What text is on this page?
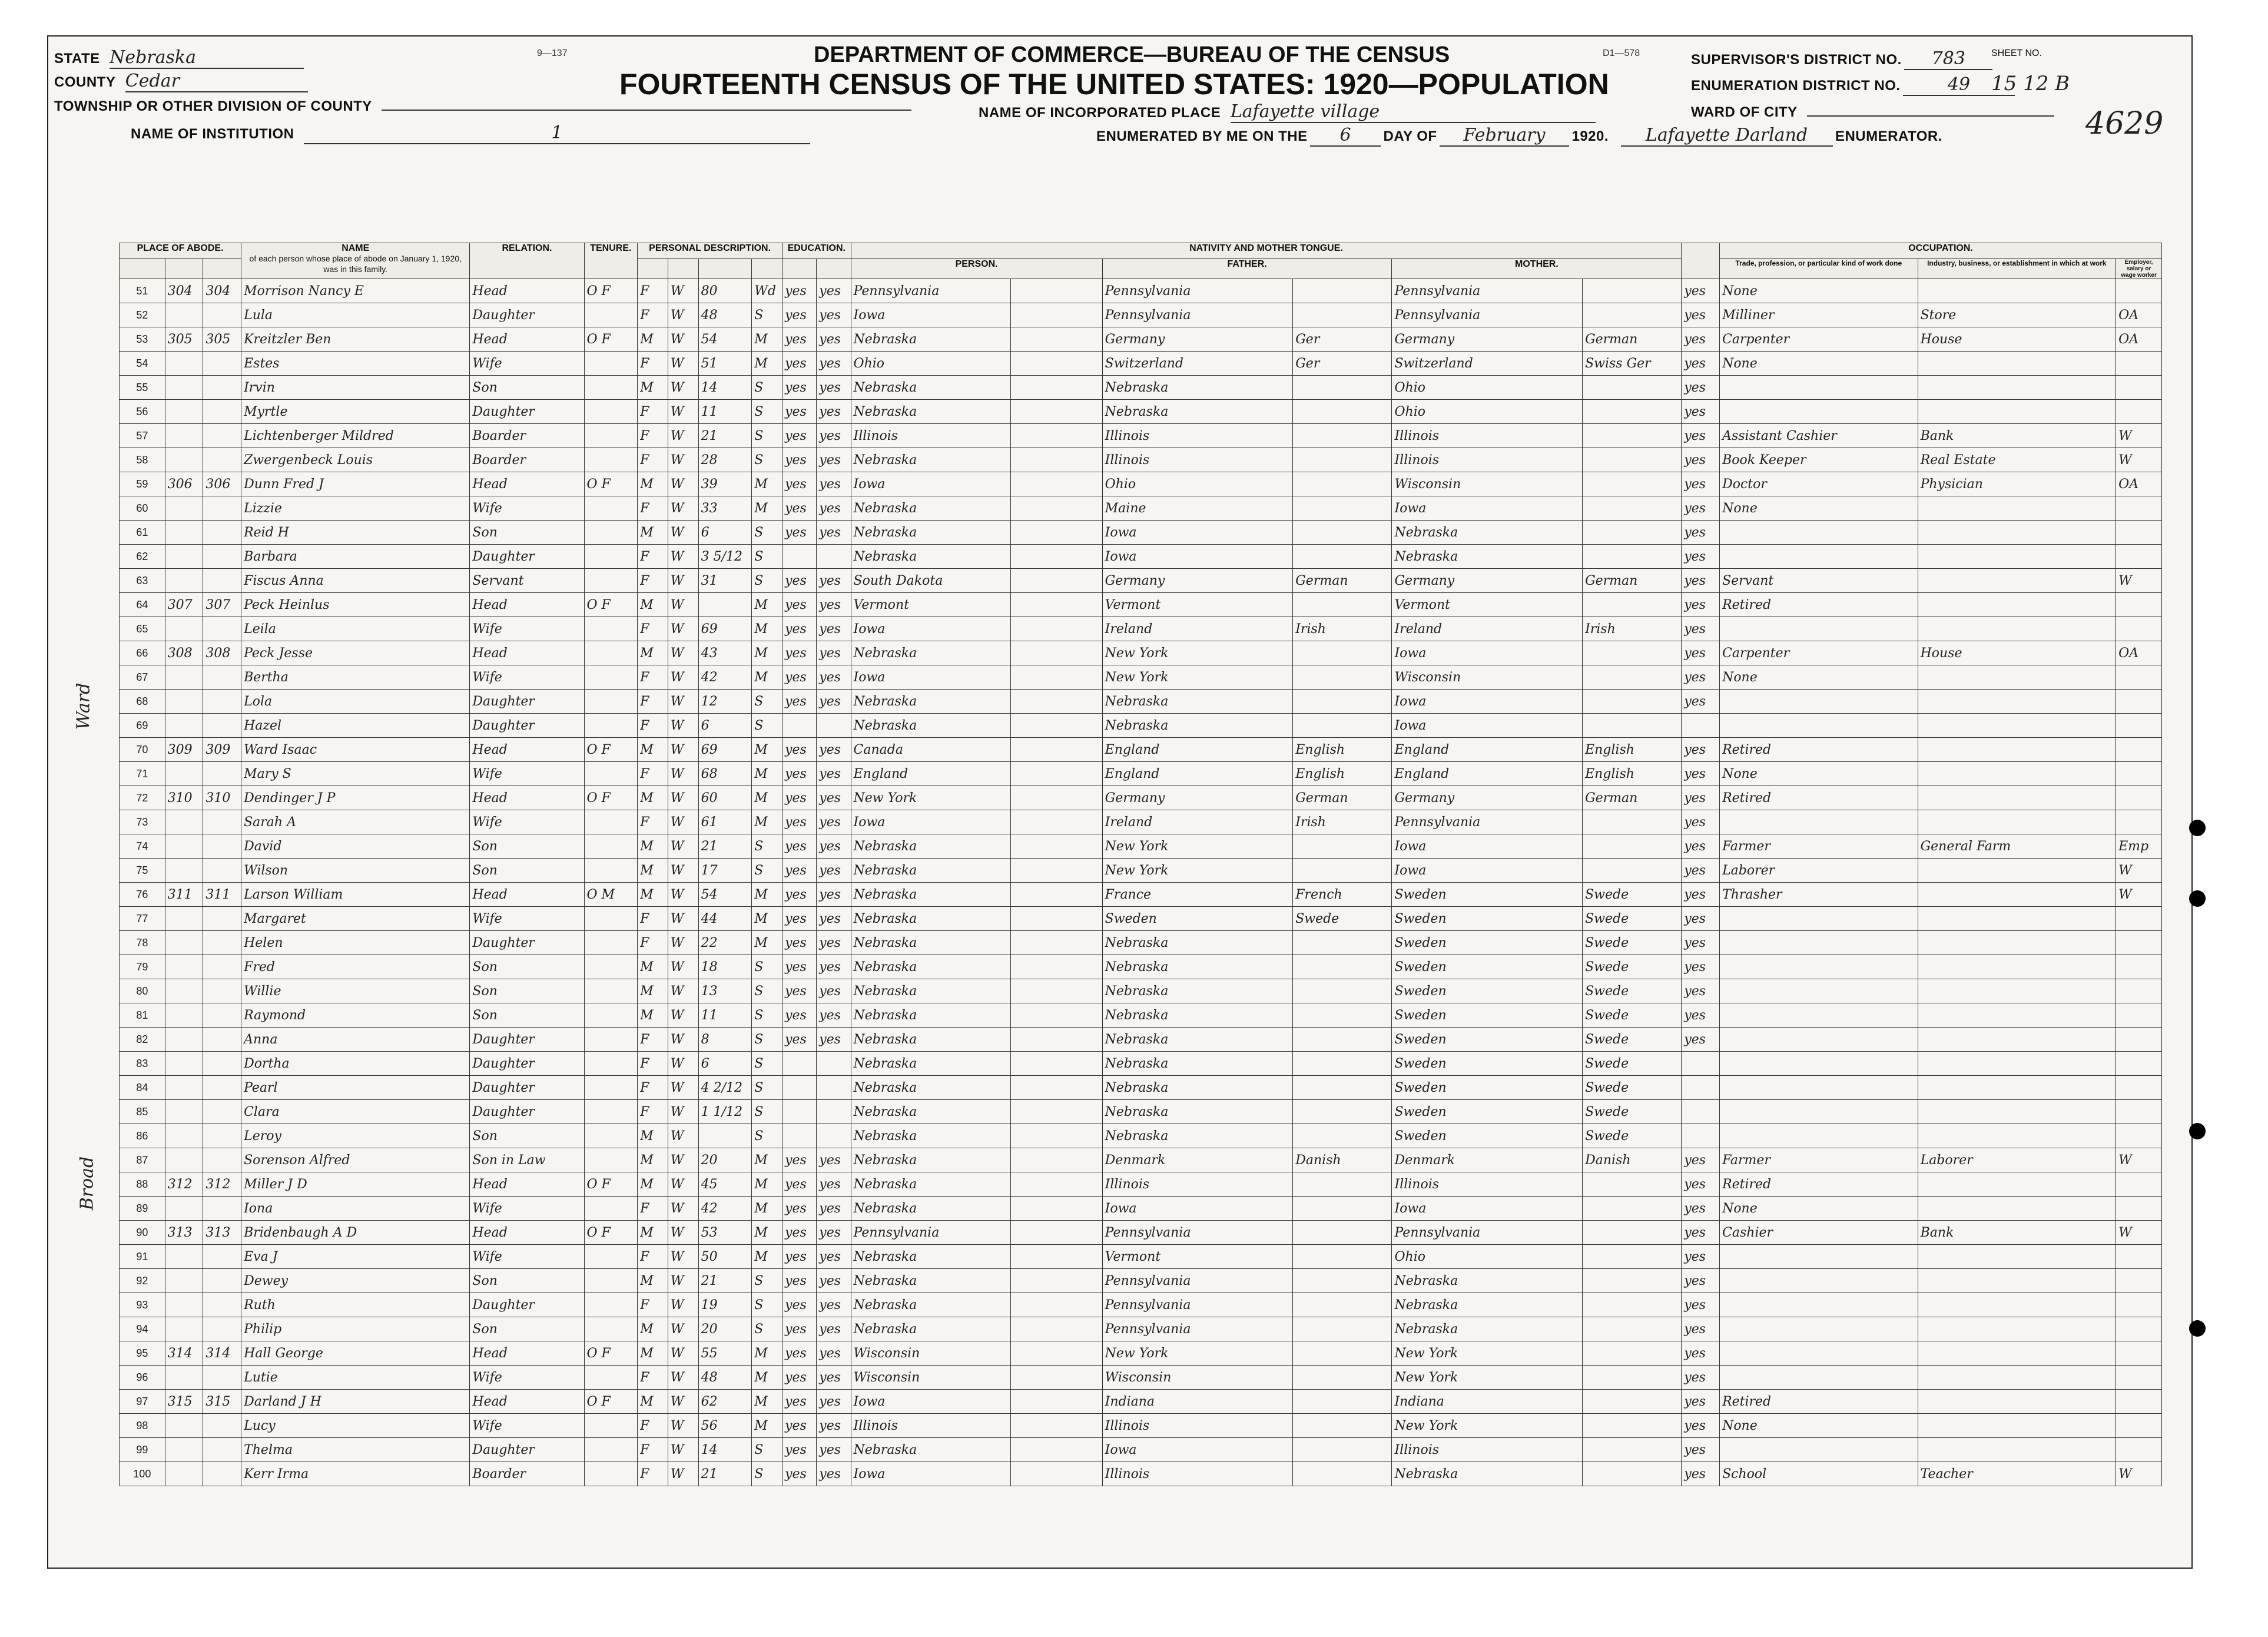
STATE Nebraska
COUNTY Cedar
TOWNSHIP OR OTHER DIVISION OF COUNTY
NAME OF INSTITUTION	1
9—137	DEPARTMENT OF COMMERCE—BUREAU OF THE CENSUS
FOURTEENTH CENSUS OF THE UNITED STATES: 1920—POPULATION
D1—578
NAME OF INCORPORATED PLACE Lafayette village
ENUMERATED BY ME ON THE 6 DAY OF February 1920. Lafayette Darland ENUMERATOR.
SUPERVISOR'S DISTRICT NO. 783
ENUMERATION DISTRICT NO.	49
SHEET NO.
15 12 B
WARD OF CITY	4629
PLACE OF ABODE.			NAME
of each person whose place of abode on January 1, 1920, was in this family.	RELATION.	TENURE.	PERSONAL DESCRIPTION.				EDUCATION.		NATIVITY AND MOTHER TONGUE.							OCCUPATION.		
												PERSON.		FATHER.		MOTHER.			Trade, profession, or particular kind of work done	Industry, business, or establishment in which at work	Employer, salary or wage worker
51	304	304	Morrison Nancy E	Head	O F	F	W	80	Wd	yes	yes	Pennsylvania		Pennsylvania		Pennsylvania		yes	None		
52			Lula	Daughter		F	W	48	S	yes	yes	Iowa		Pennsylvania		Pennsylvania		yes	Milliner	Store	OA
53	305	305	Kreitzler Ben	Head	O F	M	W	54	M	yes	yes	Nebraska		Germany	Ger	Germany	German	yes	Carpenter	House	OA
54			Estes	Wife		F	W	51	M	yes	yes	Ohio		Switzerland	Ger	Switzerland	Swiss Ger	yes	None		
55			Irvin	Son		M	W	14	S	yes	yes	Nebraska		Nebraska		Ohio		yes			
56			Myrtle	Daughter		F	W	11	S	yes	yes	Nebraska		Nebraska		Ohio		yes			
57			Lichtenberger Mildred	Boarder		F	W	21	S	yes	yes	Illinois		Illinois		Illinois		yes	Assistant Cashier	Bank	W
58			Zwergenbeck Louis	Boarder		F	W	28	S	yes	yes	Nebraska		Illinois		Illinois		yes	Book Keeper	Real Estate	W
59	306	306	Dunn Fred J	Head	O F	M	W	39	M	yes	yes	Iowa		Ohio		Wisconsin		yes	Doctor	Physician	OA
60			Lizzie	Wife		F	W	33	M	yes	yes	Nebraska		Maine		Iowa		yes	None		
61			Reid H	Son		M	W	6	S	yes	yes	Nebraska		Iowa		Nebraska		yes			
62			Barbara	Daughter		F	W	3 5/12	S			Nebraska		Iowa		Nebraska		yes			
63			Fiscus Anna	Servant		F	W	31	S	yes	yes	South Dakota		Germany	German	Germany	German	yes	Servant		W
64	307	307	Peck Heinlus	Head	O F	M	W		M	yes	yes	Vermont		Vermont		Vermont		yes	Retired		
65			Leila	Wife		F	W	69	M	yes	yes	Iowa		Ireland	Irish	Ireland	Irish	yes			
66	308	308	Peck Jesse	Head		M	W	43	M	yes	yes	Nebraska		New York		Iowa		yes	Carpenter	House	OA
67			Bertha	Wife		F	W	42	M	yes	yes	Iowa		New York		Wisconsin		yes	None		
68			Lola	Daughter		F	W	12	S	yes	yes	Nebraska		Nebraska		Iowa		yes			
69			Hazel	Daughter		F	W	6	S			Nebraska		Nebraska		Iowa					
70	309	309	Ward Isaac	Head	O F	M	W	69	M	yes	yes	Canada		England	English	England	English	yes	Retired		
71			Mary S	Wife		F	W	68	M	yes	yes	England		England	English	England	English	yes	None		
72	310	310	Dendinger J P	Head	O F	M	W	60	M	yes	yes	New York		Germany	German	Germany	German	yes	Retired		
73			Sarah A	Wife		F	W	61	M	yes	yes	Iowa		Ireland	Irish	Pennsylvania		yes			
74			David	Son		M	W	21	S	yes	yes	Nebraska		New York		Iowa		yes	Farmer	General Farm	Emp
75			Wilson	Son		M	W	17	S	yes	yes	Nebraska		New York		Iowa		yes	Laborer		W
76	311	311	Larson William	Head	O M	M	W	54	M	yes	yes	Nebraska		France	French	Sweden	Swede	yes	Thrasher		W
77			Margaret	Wife		F	W	44	M	yes	yes	Nebraska		Sweden	Swede	Sweden	Swede	yes			
78			Helen	Daughter		F	W	22	M	yes	yes	Nebraska		Nebraska		Sweden	Swede	yes			
79			Fred	Son		M	W	18	S	yes	yes	Nebraska		Nebraska		Sweden	Swede	yes			
80			Willie	Son		M	W	13	S	yes	yes	Nebraska		Nebraska		Sweden	Swede	yes			
81			Raymond	Son		M	W	11	S	yes	yes	Nebraska		Nebraska		Sweden	Swede	yes			
82			Anna	Daughter		F	W	8	S	yes	yes	Nebraska		Nebraska		Sweden	Swede	yes			
83			Dortha	Daughter		F	W	6	S			Nebraska		Nebraska		Sweden	Swede				
84			Pearl	Daughter		F	W	4 2/12	S			Nebraska		Nebraska		Sweden	Swede				
85			Clara	Daughter		F	W	1 1/12	S			Nebraska		Nebraska		Sweden	Swede				
86			Leroy	Son		M	W		S			Nebraska		Nebraska		Sweden	Swede				
87			Sorenson Alfred	Son in Law		M	W	20	M	yes	yes	Nebraska		Denmark	Danish	Denmark	Danish	yes	Farmer	Laborer	W
88	312	312	Miller J D	Head	O F	M	W	45	M	yes	yes	Nebraska		Illinois		Illinois		yes	Retired		
89			Iona	Wife		F	W	42	M	yes	yes	Nebraska		Iowa		Iowa		yes	None		
90	313	313	Bridenbaugh A D	Head	O F	M	W	53	M	yes	yes	Pennsylvania		Pennsylvania		Pennsylvania		yes	Cashier	Bank	W
91			Eva J	Wife		F	W	50	M	yes	yes	Nebraska		Vermont		Ohio		yes			
92			Dewey	Son		M	W	21	S	yes	yes	Nebraska		Pennsylvania		Nebraska		yes			
93			Ruth	Daughter		F	W	19	S	yes	yes	Nebraska		Pennsylvania		Nebraska		yes			
94			Philip	Son		M	W	20	S	yes	yes	Nebraska		Pennsylvania		Nebraska		yes			
95	314	314	Hall George	Head	O F	M	W	55	M	yes	yes	Wisconsin		New York		New York		yes			
96			Lutie	Wife		F	W	48	M	yes	yes	Wisconsin		Wisconsin		New York		yes			
97	315	315	Darland J H	Head	O F	M	W	62	M	yes	yes	Iowa		Indiana		Indiana		yes	Retired		
98			Lucy	Wife		F	W	56	M	yes	yes	Illinois		Illinois		New York		yes	None		
99			Thelma	Daughter		F	W	14	S	yes	yes	Nebraska		Iowa		Illinois		yes			
100			Kerr Irma	Boarder		F	W	21	S	yes	yes	Iowa		Illinois		Nebraska		yes	School	Teacher	W
Ward
Broad
